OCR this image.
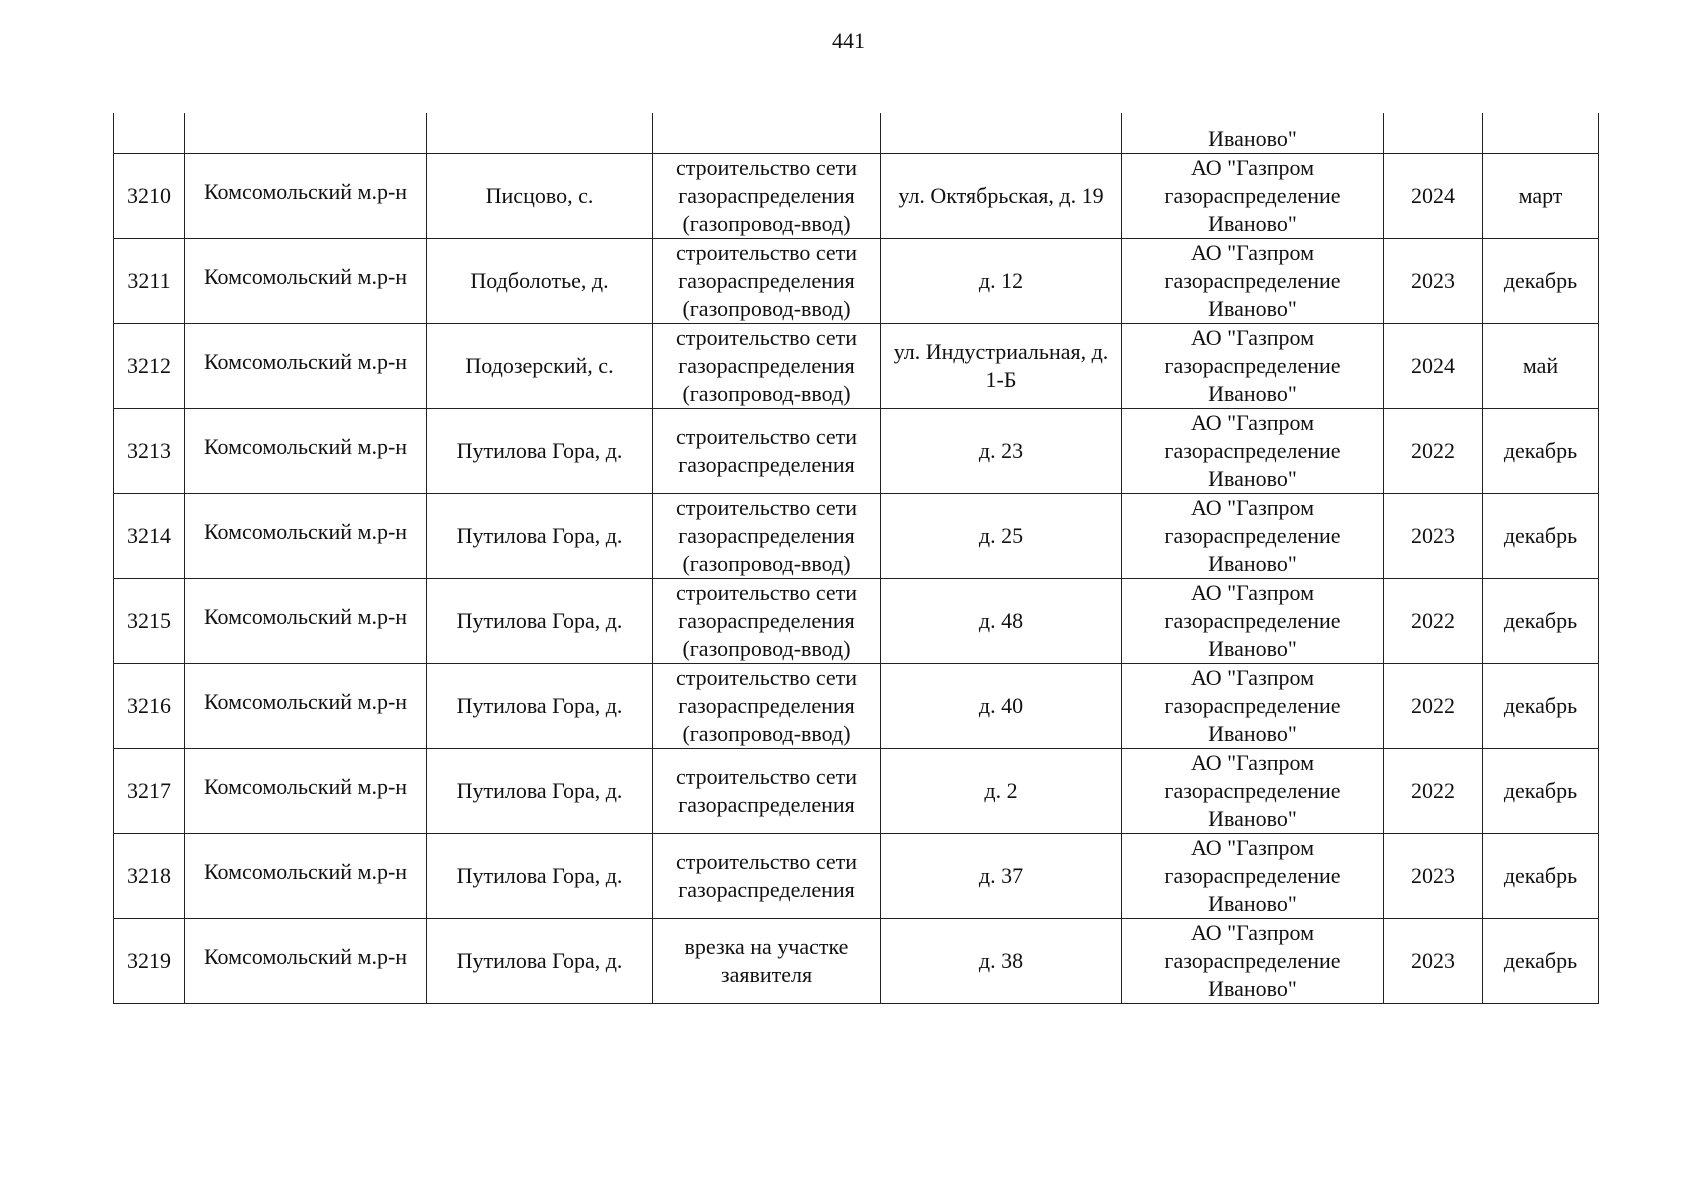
441
					Иваново"		
3210	Комсомольский м.р-н	Писцово, с.	строительство сети газораспределения (газопровод-ввод)	ул. Октябрьская, д. 19	АО "Газпром газораспределение Иваново"	2024	март
3211	Комсомольский м.р-н	Подболотье, д.	строительство сети газораспределения (газопровод-ввод)	д. 12	АО "Газпром газораспределение Иваново"	2023	декабрь
3212	Комсомольский м.р-н	Подозерский, с.	строительство сети газораспределения (газопровод-ввод)	ул. Индустриальная, д. 1-Б	АО "Газпром газораспределение Иваново"	2024	май
3213	Комсомольский м.р-н	Путилова Гора, д.	строительство сети газораспределения	д. 23	АО "Газпром газораспределение Иваново"	2022	декабрь
3214	Комсомольский м.р-н	Путилова Гора, д.	строительство сети газораспределения (газопровод-ввод)	д. 25	АО "Газпром газораспределение Иваново"	2023	декабрь
3215	Комсомольский м.р-н	Путилова Гора, д.	строительство сети газораспределения (газопровод-ввод)	д. 48	АО "Газпром газораспределение Иваново"	2022	декабрь
3216	Комсомольский м.р-н	Путилова Гора, д.	строительство сети газораспределения (газопровод-ввод)	д. 40	АО "Газпром газораспределение Иваново"	2022	декабрь
3217	Комсомольский м.р-н	Путилова Гора, д.	строительство сети газораспределения	д. 2	АО "Газпром газораспределение Иваново"	2022	декабрь
3218	Комсомольский м.р-н	Путилова Гора, д.	строительство сети газораспределения	д. 37	АО "Газпром газораспределение Иваново"	2023	декабрь
3219	Комсомольский м.р-н	Путилова Гора, д.	врезка на участке заявителя	д. 38	АО "Газпром газораспределение Иваново"	2023	декабрь
